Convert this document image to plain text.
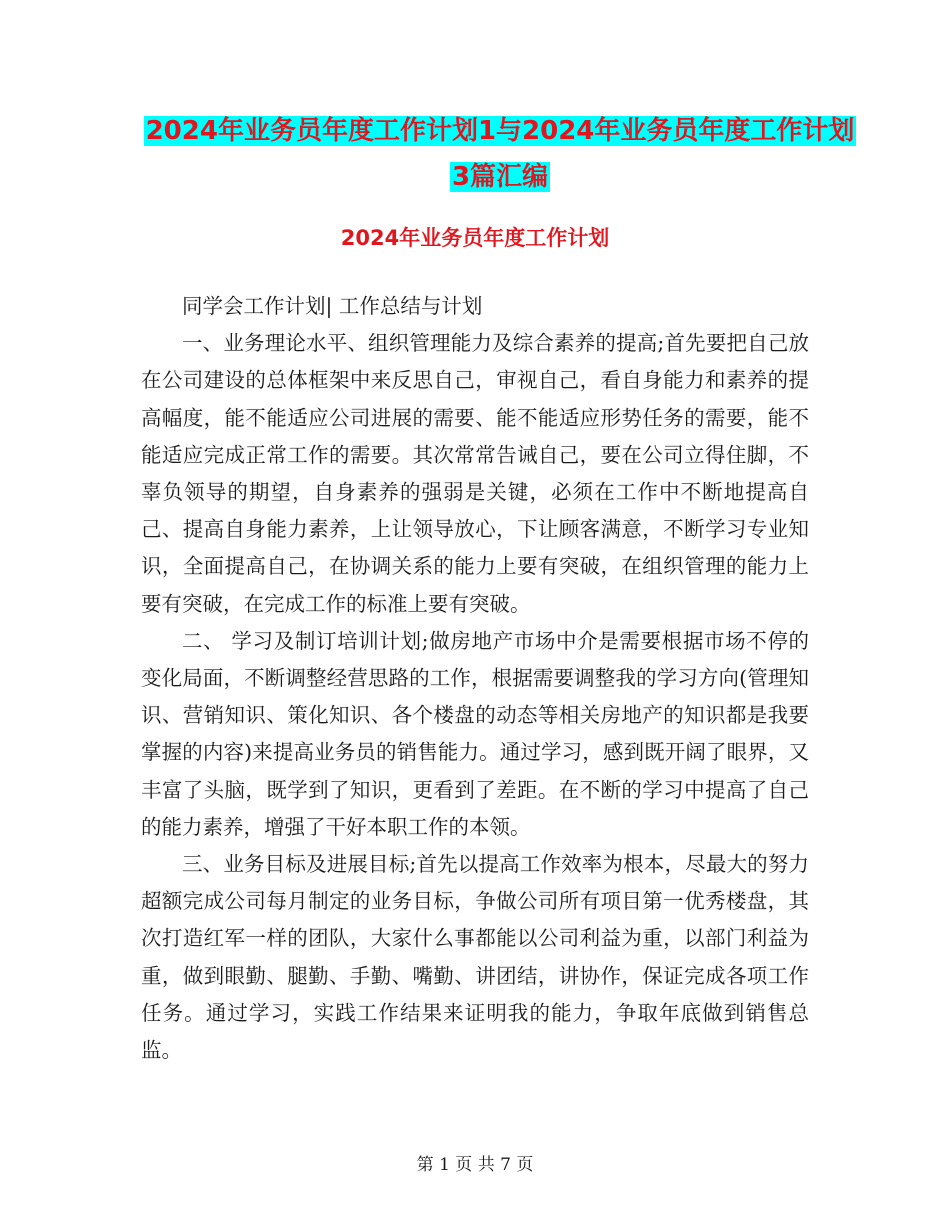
2024年业务员年度工作计划1与2024年业务员年度工作计划3篇汇编
2024年业务员年度工作计划

同学会工作计划| 工作总结与计划

一、业务理论水平、组织管理能力及综合素养的提高;首先要把自己放在公司建设的总体框架中来反思自己，审视自己，看自身能力和素养的提高幅度，能不能适应公司进展的需要、能不能适应形势任务的需要，能不能适应完成正常工作的需要。其次常常告诫自己，要在公司立得住脚，不辜负领导的期望，自身素养的强弱是关键，必须在工作中不断地提高自己、提高自身能力素养，上让领导放心，下让顾客满意，不断学习专业知识，全面提高自己，在协调关系的能力上要有突破，在组织管理的能力上要有突破，在完成工作的标准上要有突破。

二、 学习及制订培训计划;做房地产市场中介是需要根据市场不停的变化局面，不断调整经营思路的工作，根据需要调整我的学习方向(管理知识、营销知识、策化知识、各个楼盘的动态等相关房地产的知识都是我要掌握的内容)来提高业务员的销售能力。通过学习，感到既开阔了眼界，又丰富了头脑，既学到了知识，更看到了差距。在不断的学习中提高了自己的能力素养，增强了干好本职工作的本领。

三、业务目标及进展目标;首先以提高工作效率为根本，尽最大的努力超额完成公司每月制定的业务目标，争做公司所有项目第一优秀楼盘，其次打造红军一样的团队，大家什么事都能以公司利益为重，以部门利益为重，做到眼勤、腿勤、手勤、嘴勤、讲团结，讲协作，保证完成各项工作任务。通过学习，实践工作结果来证明我的能力，争取年底做到销售总监。

第 1 页 共 7 页
